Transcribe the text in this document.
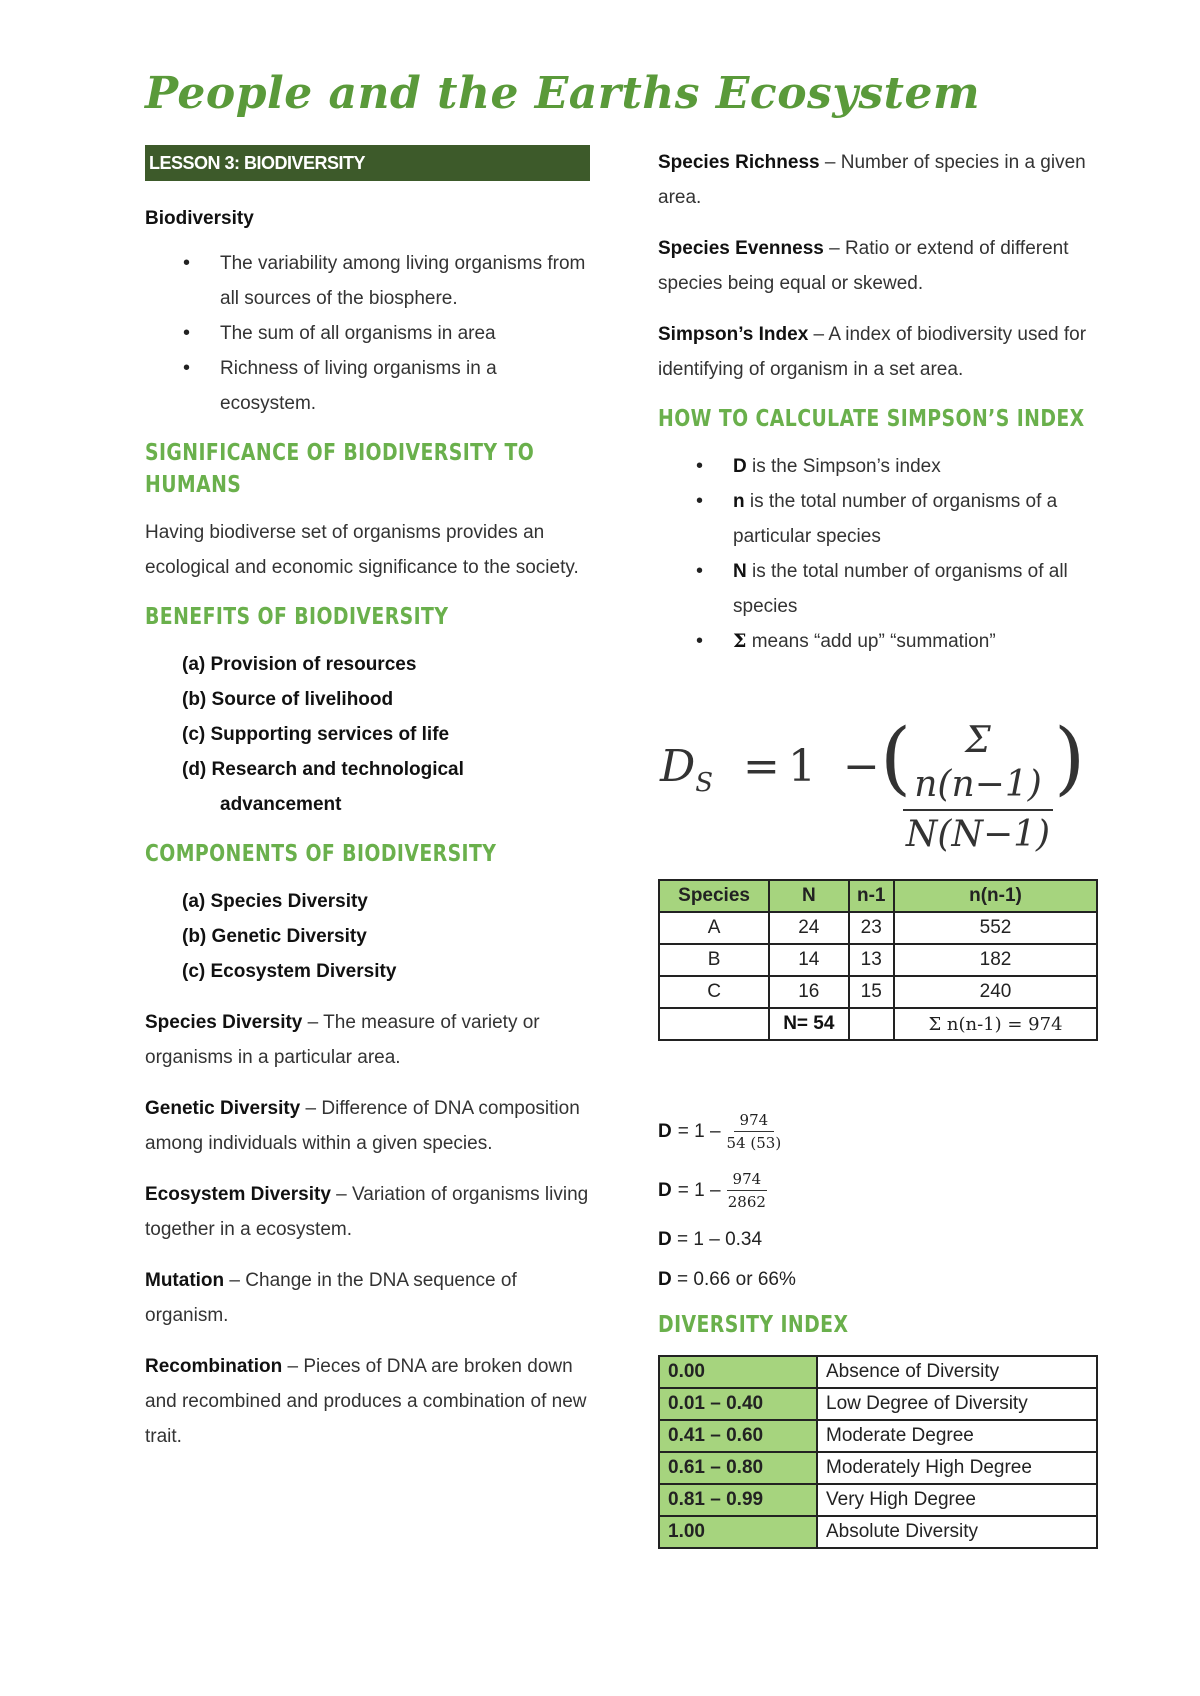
People and the Earths Ecosystem
LESSON 3: BIODIVERSITY

Biodiversity

• The variability among living organisms from all sources of the biosphere.
• The sum of all organisms in area
• Richness of living organisms in a ecosystem.
SIGNIFICANCE OF BIODIVERSITY TO HUMANS

Having biodiverse set of organisms provides an ecological and economic significance to the society.

BENEFITS OF BIODIVERSITY
(a) Provision of resources
(b) Source of livelihood
(c) Supporting services of life
(d) Research and technological
advancement
COMPONENTS OF BIODIVERSITY
(a) Species Diversity
(b) Genetic Diversity
(c) Ecosystem Diversity

Species Diversity – The measure of variety or organisms in a particular area.

Genetic Diversity – Difference of DNA composition among individuals within a given species.

Ecosystem Diversity – Variation of organisms living together in a ecosystem.

Mutation – Change in the DNA sequence of organism.

Recombination – Pieces of DNA are broken down and recombined and produces a combination of new trait.

Species Richness – Number of species in a given area.

Species Evenness – Ratio or extend of different species being equal or skewed.

Simpson’s Index – A index of biodiversity used for identifying of organism in a set area.

HOW TO CALCULATE SIMPSON’S INDEX
• D is the Simpson’s index
• n is the total number of organisms of a particular species
• N is the total number of organisms of all species
• Σ means “add up” “summation”
$D_S = 1$ − (	Σ n(n−1)
N(N−1)
)
Species	N	n-1	n(n-1)
A	24	23	552
B	14	13	182
C	16	15	240
	N= 54		Σ n(n-1) = 974
$D = 1 - \frac{974}{54 (53)}$
$D = 1 - \frac{974}{2862}$
D = 1 – 0.34
D = 0.66 or 66%
DIVERSITY INDEX
0.00	Absence of Diversity
0.01 – 0.40	Low Degree of Diversity
0.41 – 0.60	Moderate Degree
0.61 – 0.80	Moderately High Degree
0.81 – 0.99	Very High Degree
1.00	Absolute Diversity
